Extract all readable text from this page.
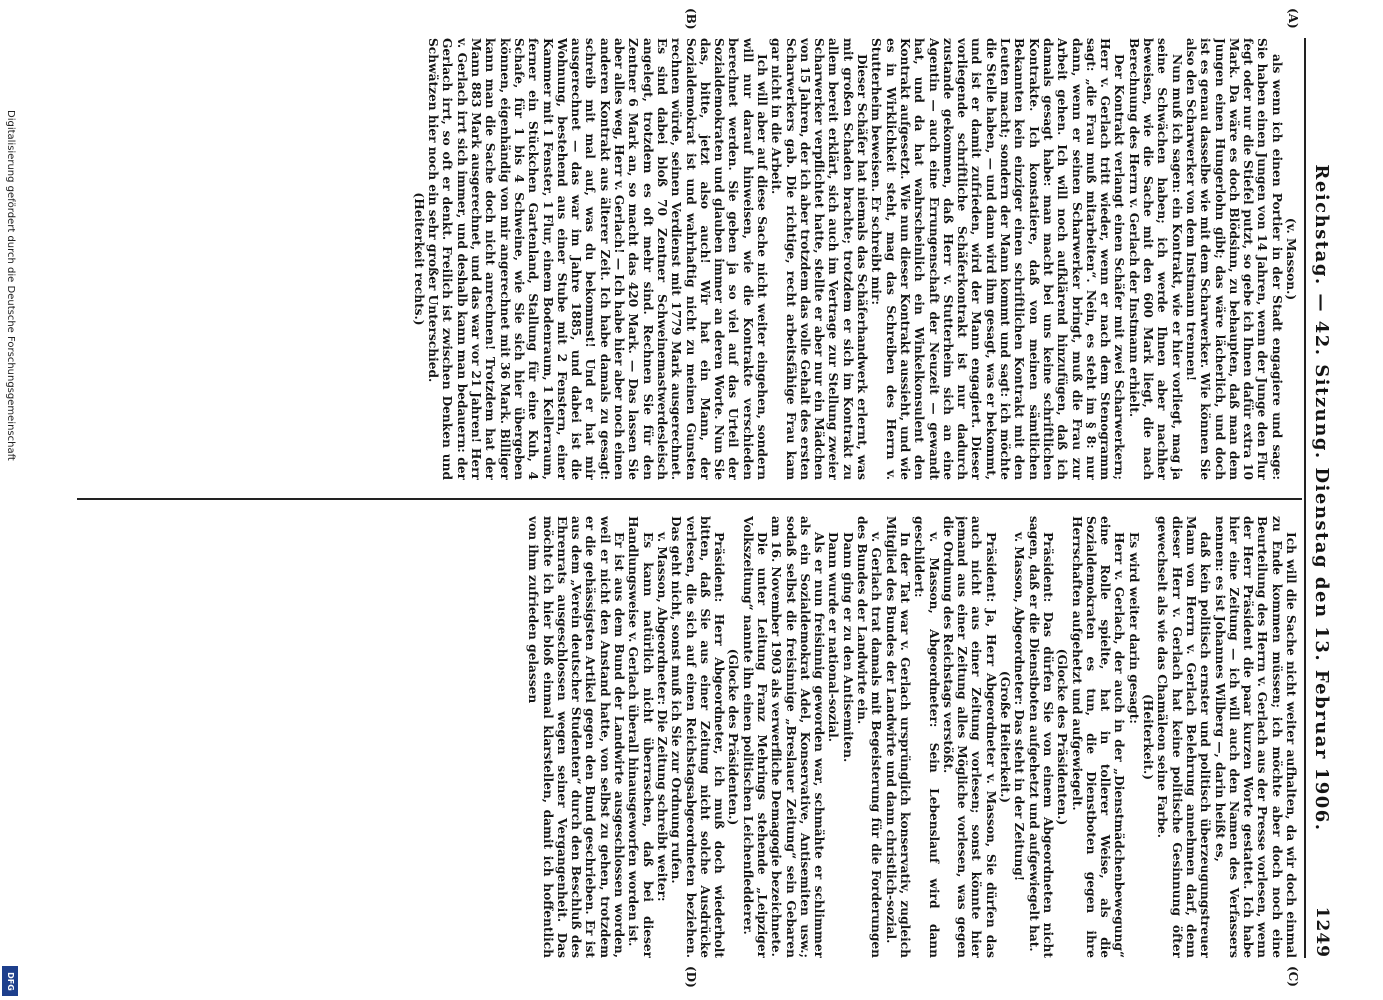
Digitalisierung gefördert durch die Deutsche Forschungsgemeinschaft
DFG
Reichstag. — 42. Sitzung. Dienstag den 13. Februar 1906.
1249
(A)
(B)
(C)
(D)

(v. Masson.)

als wenn ich einen Portier in der Stadt engagiere und sage: Sie haben einen Jungen von 14 Jahren, wenn der Junge den Flur fegt oder nur die Stiefel putzt, so gebe ich Ihnen dafür extra 10 Mark. Da wäre es doch Blödsinn, zu behaupten, daß man dem Jungen einen Hungerlohn gibt; das wäre lächerlich, und doch ist es genau dasselbe wie mit dem Scharwerker. Wie können Sie also den Scharwerker von dem Instmann trennen!

Nun muß ich sagen: ein Kontrakt, wie er hier vorliegt, mag ja seine Schwächen haben; ich werde Ihnen aber nachher beweisen, wie die Sache mit den 600 Mark liegt, die nach Berechnung des Herrn v. Gerlach der Instmann erhielt.

Der Kontrakt verlangt einen Schäfer mit zwei Scharwerkern; Herr v. Gerlach tritt wieder, wenn er nach dem Stenogramm sagt: „die Frau muß mitarbeiten“. Nein, es steht im § 8: nur dann, wenn er seinen Scharwerker bringt, muß die Frau zur Arbeit gehen. Ich will noch aufklärend hinzufügen, daß ich damals gesagt habe: man macht bei uns keine schriftlichen Kontrakte. Ich konstatiere, daß von meinen sämtlichen Bekannten kein einziger einen schriftlichen Kontrakt mit den Leuten macht; sondern der Mann kommt und sagt: ich möchte die Stelle haben, — und dann wird ihm gesagt, was er bekommt, und ist er damit zufrieden, wird der Mann engagiert. Dieser vorliegende schriftliche Schäferkontrakt ist nur dadurch zustande gekommen, daß Herr v. Stutterheim sich an eine Agentin — auch eine Errungenschaft der Neuzeit — gewandt hat, und da hat wahrscheinlich ein Winkelkonsulent den Kontrakt aufgesetzt. Wie nun dieser Kontrakt aussieht, und wie es in Wirklichkeit steht, mag das Schreiben des Herrn v. Stutterheim beweisen. Er schreibt mir:

Dieser Schäfer hat niemals das Schäferhandwerk erlernt, was mit großen Schaden brachte; trotzdem er sich im Kontrakt zu allem bereit erklärt, sich auch im Vertrage zur Stellung zweier Scharwerker verpflichtet hatte, stellte er aber nur ein Mädchen von 15 Jahren, der ich aber trotzdem das volle Gehalt des ersten Scharwerkers gab. Die richtige, recht arbeitsfähige Frau kam gar nicht in die Arbeit.

Ich will aber auf diese Sache nicht weiter eingehen, sondern will nur darauf hinweisen, wie die Kontrakte verschieden berechnet werden. Sie geben ja so viel auf das Urteil der Sozialdemokraten und glauben immer an deren Worte. Nun Sie das, bitte, jetzt also auch! Wir hat ein Mann, der Sozialdemokrat ist und wahrhaftig nicht zu meinen Gunsten rechnen würde, seinen Verdienst mit 1779 Mark ausgerechnet. Es sind dabei bloß 70 Zentner Schweinemastwerdesleisch angelegt, trotzdem es oft mehr sind. Rechnen Sie für den Zentner 6 Mark an, so macht das 420 Mark. — Das lassen Sie aber alles weg, Herr v. Gerlach! — Ich habe hier aber noch einen anderen Kontrakt aus älterer Zeit. Ich habe damals zu gesagt: schreib mit mal auf, was du bekommst! Und er hat mir ausgerechnet — das war im Jahre 1885, und dabei ist die Wohnung, bestehend aus einer Stube mit 2 Fenstern, einer Kammer mit 1 Fenster, 1 Flur, einem Bodenraum, 1 Kellerraum, ferner ein Stückchen Gartenland, Stallung für eine Kuh, 4 Schafe, für 1 bis 4 Schweine, wie Sie sich hier übergeben können, eigenhändig von mir angerechnet mit 36 Mark. Billiger kann man die Sache doch nicht anrechnen! Trotzdem hat der Mann 883 Mark ausgerechnet, und das war vor 21 Jahren! Herr v. Gerlach irrt sich immer, und deshalb kann man bedauern: der Gerlach irrt, so oft er denkt. Freilich ist zwischen Denken und Schwätzen hier noch ein sehr großer Unterschied.

(Heiterkeit rechts.)

Ich will die Sache nicht weiter aufhalten, da wir doch einmal zu Ende kommen müssen; ich möchte aber doch noch eine Beurteilung des Herrn v. Gerlach aus der Presse vorlesen, wenn der Herr Präsident die paar kurzen Worte gestattet. Ich habe hier eine Zeitung — ich will auch den Namen des Verfassers nennen: es ist Johannes Wilberg —, darin heißt es,

daß kein politisch ernster und politisch überzeugungstreuer Mann von Herrn v. Gerlach Belehrung annehmen darf, denn dieser Herr v. Gerlach hat keine politische Gesinnung öfter gewechselt als wie das Chamäleon seine Farbe.

(Heiterkeit.)

Es wird weiter darin gesagt:

Herr v. Gerlach, der auch in der „Dienstmädchenbewegung“ eine Rolle spielte, hat in tollerer Weise, als die Sozialdemokraten es tun, die Dienstboten gegen ihre Herrschaften aufgehetzt und aufgewiegelt.

(Glocke des Präsidenten.)

Präsident: Das dürfen Sie von einem Abgeordneten nicht sagen, daß er die Dienstboten aufgehetzt und aufgewiegelt hat.

v. Masson, Abgeordneter: Das steht in der Zeitung!

(Große Heiterkeit.)

Präsident: Ja, Herr Abgeordneter v. Masson, Sie dürfen das auch nicht aus einer Zeitung vorlesen; sonst könnte hier jemand aus einer Zeitung alles Mögliche vorlesen, was gegen die Ordnung des Reichstags verstößt.

v. Masson, Abgeordneter: Sein Lebenslauf wird dann geschildert:

In der Tat war v. Gerlach ursprünglich konservativ, zugleich Mitglied des Bundes der Landwirte und dann christlich-sozial.

v. Gerlach trat damals mit Begeisterung für die Forderungen des Bundes der Landwirte ein.

Dann ging er zu den Antisemiten.

Dann wurde er national-sozial.

Als er nun freisinnig geworden war, schmähte er schlimmer als ein Sozialdemokrat Adel, Konservative, Antisemiten usw.; sodaß selbst die freisinnige „Breslauer Zeitung“ sein Gebaren am 16. November 1903 als verwerfliche Demagogie bezeichnete.

Die unter Leitung Franz Mehrings stehende „Leipziger Volkszeitung“ nannte ihn einen politischen Leichenfledderer.

(Glocke des Präsidenten.)

Präsident: Herr Abgeordneter, ich muß doch wiederholt bitten, daß Sie aus einer Zeitung nicht solche Ausdrücke verlesen, die sich auf einen Reichstagsabgeordneten beziehen. Das geht nicht, sonst muß ich Sie zur Ordnung rufen.

v. Masson, Abgeordneter: Die Zeitung schreibt weiter:

Es kann natürlich nicht überraschen, daß bei dieser Handlungsweise v. Gerlach überall hinausgeworfen worden ist.

Er ist aus dem Bund der Landwirte ausgeschlossen worden, weil er nicht den Anstand hatte, von selbst zu gehen, trotzdem er die gehässigsten Artikel gegen den Bund geschrieben. Er ist aus dem „Verein deutscher Studenten“ durch den Beschluß des Ehrenrats ausgeschlossen wegen seiner Vergangenheit. Das möchte ich hier bloß einmal klarstellen, damit ich hoffentlich von ihm zufrieden gelassen
